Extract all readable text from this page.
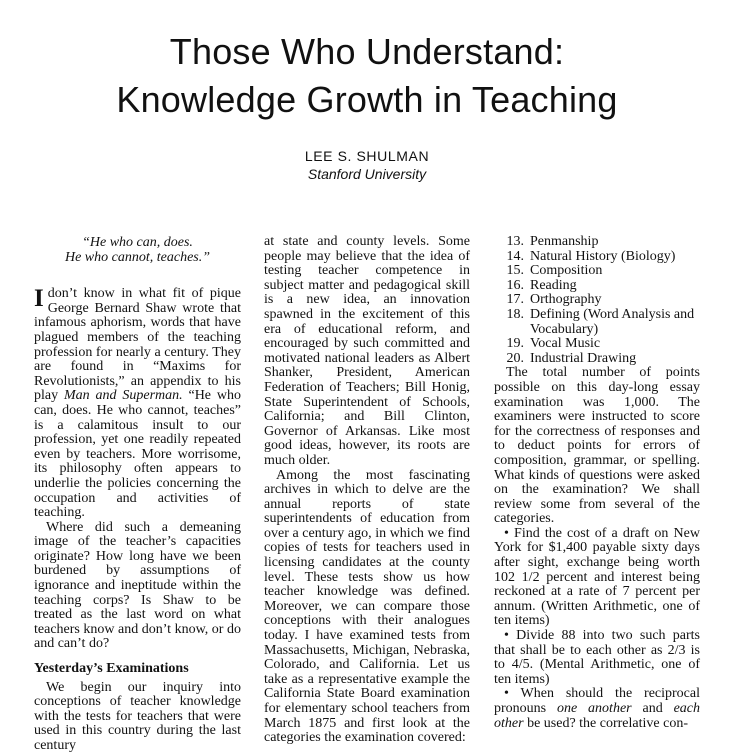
Those Who Understand:
Knowledge Growth in Teaching
LEE S. SHULMAN
Stanford University
“He who can, does.
He who cannot, teaches.”

I don’t know in what fit of pique George Bernard Shaw wrote that infamous aphorism, words that have plagued members of the teaching profession for nearly a century. They are found in “Maxims for Revolutionists,” an appendix to his play Man and Superman. “He who can, does. He who cannot, teaches” is a calamitous insult to our profession, yet one readily repeated even by teachers. More worrisome, its philosophy often appears to underlie the policies concerning the occupation and activities of teaching.

Where did such a demeaning image of the teacher’s capacities originate? How long have we been burdened by assumptions of ignorance and ineptitude within the teaching corps? Is Shaw to be treated as the last word on what teachers know and don’t know, or do and can’t do?

Yesterday’s Examinations

We begin our inquiry into conceptions of teacher knowledge with the tests for teachers that were used in this country during the last century

at state and county levels. Some people may believe that the idea of testing teacher competence in subject matter and pedagogical skill is a new idea, an innovation spawned in the excitement of this era of educational reform, and encouraged by such committed and motivated national leaders as Albert Shanker, President, American Federation of Teachers; Bill Honig, State Superintendent of Schools, California; and Bill Clinton, Governor of Arkansas. Like most good ideas, however, its roots are much older.

Among the most fascinating archives in which to delve are the annual reports of state superintendents of education from over a century ago, in which we find copies of tests for teachers used in licensing candidates at the county level. These tests show us how teacher knowledge was defined. Moreover, we can compare those conceptions with their analogues today. I have examined tests from Massachusetts, Michigan, Nebraska, Colorado, and California. Let us take as a representative example the California State Board examination for elementary school teachers from March 1875 and first look at the categories the examination covered:

13. Penmanship
14. Natural History (Biology)
15. Composition
16. Reading
17. Orthography
18. Defining (Word Analysis and Vocabulary)
19. Vocal Music
20. Industrial Drawing

The total number of points possible on this day-long essay examination was 1,000. The examiners were instructed to score for the correctness of responses and to deduct points for errors of composition, grammar, or spelling. What kinds of questions were asked on the examination? We shall review some from several of the categories.

• Find the cost of a draft on New York for $1,400 payable sixty days after sight, exchange being worth 102 1/2 percent and interest being reckoned at a rate of 7 percent per annum. (Written Arithmetic, one of ten items)

• Divide 88 into two such parts that shall be to each other as 2/3 is to 4/5. (Mental Arithmetic, one of ten items)

• When should the reciprocal pronouns one another and each other be used? the correlative con-
